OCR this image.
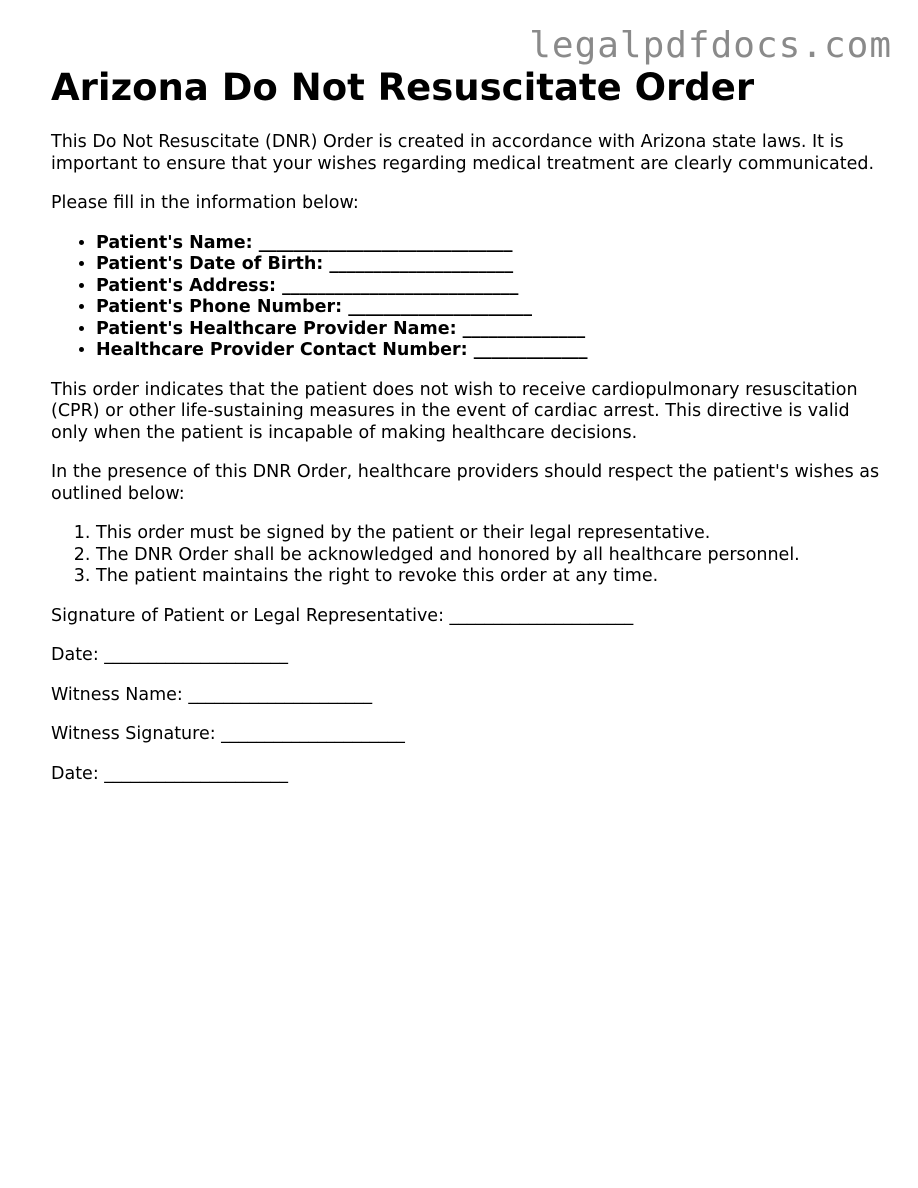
legalpdfdocs.com
Arizona Do Not Resuscitate Order

This Do Not Resuscitate (DNR) Order is created in accordance with Arizona state laws. It is important to ensure that your wishes regarding medical treatment are clearly communicated.

Please fill in the information below:

• Patient's Name: _____________________________
• Patient's Date of Birth: _____________________
• Patient's Address: ___________________________
• Patient's Phone Number: _____________________
• Patient's Healthcare Provider Name: ______________
• Healthcare Provider Contact Number: _____________

This order indicates that the patient does not wish to receive cardiopulmonary resuscitation (CPR) or other life-sustaining measures in the event of cardiac arrest. This directive is valid only when the patient is incapable of making healthcare decisions.

In the presence of this DNR Order, healthcare providers should respect the patient's wishes as outlined below:

1. This order must be signed by the patient or their legal representative.
2. The DNR Order shall be acknowledged and honored by all healthcare personnel.
3. The patient maintains the right to revoke this order at any time.

Signature of Patient or Legal Representative: _____________________

Date: _____________________

Witness Name: _____________________

Witness Signature: _____________________

Date: _____________________
